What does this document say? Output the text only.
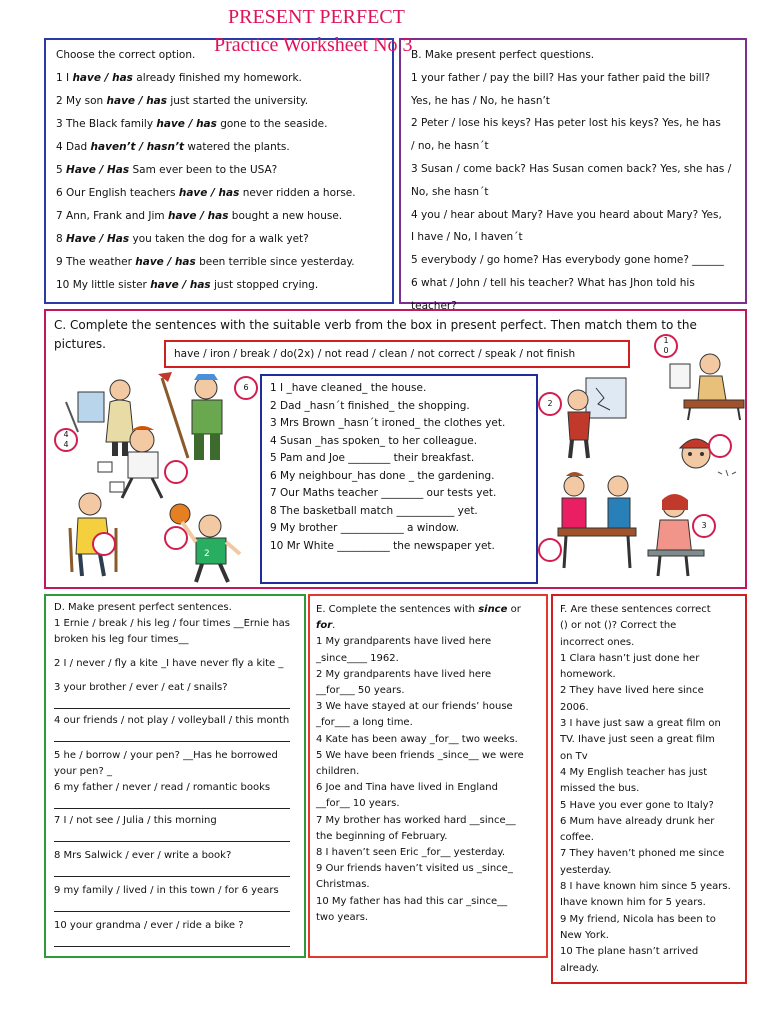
PRESENT PERFECT
Practice Worksheet No 3
Choose the correct option.
1 I have / has already finished my homework.
2 My son have / has just started the university.
3 The Black family have / has gone to the seaside.
4 Dad haven’t / hasn’t watered the plants.
5 Have / Has Sam ever been to the USA?
6 Our English teachers have / has never ridden a horse.
7 Ann, Frank and Jim have / has bought a new house.
8 Have / Has you taken the dog for a walk yet?
9 The weather have / has been terrible since yesterday.
10 My little sister have / has just stopped crying.
B. Make present perfect questions.
1 your father / pay the bill? Has your father paid the bill?
Yes, he has / No, he hasn’t
2 Peter / lose his keys? Has peter lost his keys? Yes, he has
/ no, he hasn´t
3 Susan / come back? Has Susan comen back? Yes, she has /
No, she hasn´t
4 you / hear about Mary? Have you heard about Mary? Yes,
I have / No, I haven´t
5 everybody / go home? Has everybody gone home? ______
6 what / John / tell his teacher? What has Jhon told his
teacher?
C. Complete the sentences with the suitable verb from the box in present perfect. Then match them to the pictures.
have / iron / break / do(2x) / not read / clean / not correct / speak / not finish
1 I _have cleaned_ the house.
2 Dad _hasn´t finished_ the shopping.
3 Mrs Brown _hasn´t ironed_ the clothes yet.
4 Susan _has spoken_ to her colleague.
5 Pam and Joe ________ their breakfast.
6 My neighbour_has done _ the gardening.
7 Our Maths teacher ________ our tests yet.
8 The basketball match ___________ yet.
9 My brother ____________ a window.
10 Mr White __________ the newspaper yet.
2
6
4
4
1
0
2
3
D. Make present perfect sentences.
1 Ernie / break / his leg / four times __Ernie has broken his leg four times__
2 I / never / fly a kite _I have never fly a kite _
3 your brother / ever / eat / snails?
4 our friends / not play / volleyball / this month
5 he / borrow / your pen? __Has he borrowed your pen? _
6 my father / never / read / romantic books
7 I / not see / Julia / this morning
8 Mrs Salwick / ever / write a book?
9 my family / lived / in this town / for 6 years
10 your grandma / ever / ride a bike ?
E. Complete the sentences with since or
for.
1 My grandparents have lived here
_since____ 1962.
2 My grandparents have lived here
__for___ 50 years.
3 We have stayed at our friends’ house
_for___ a long time.
4 Kate has been away _for__ two weeks.
5 We have been friends _since__ we were
children.
6 Joe and Tina have lived in England
__for__ 10 years.
7 My brother has worked hard __since__
the beginning of February.
8 I haven’t seen Eric _for__ yesterday.
9 Our friends haven’t visited us _since_
Christmas.
10 My father has had this car _since__
two years.
F. Are these sentences correct
() or not ()? Correct the
incorrect ones.
1 Clara hasn’t just done her
homework.
2 They have lived here since
2006.
3 I have just saw a great film on
TV. Ihave just seen a great film
on Tv
4 My English teacher has just
missed the bus.
5 Have you ever gone to Italy?
6 Mum have already drunk her
coffee.
7 They haven’t phoned me since
yesterday.
8 I have known him since 5 years.
Ihave known him for 5 years.
9 My friend, Nicola has been to
New York.
10 The plane hasn’t arrived
already.
